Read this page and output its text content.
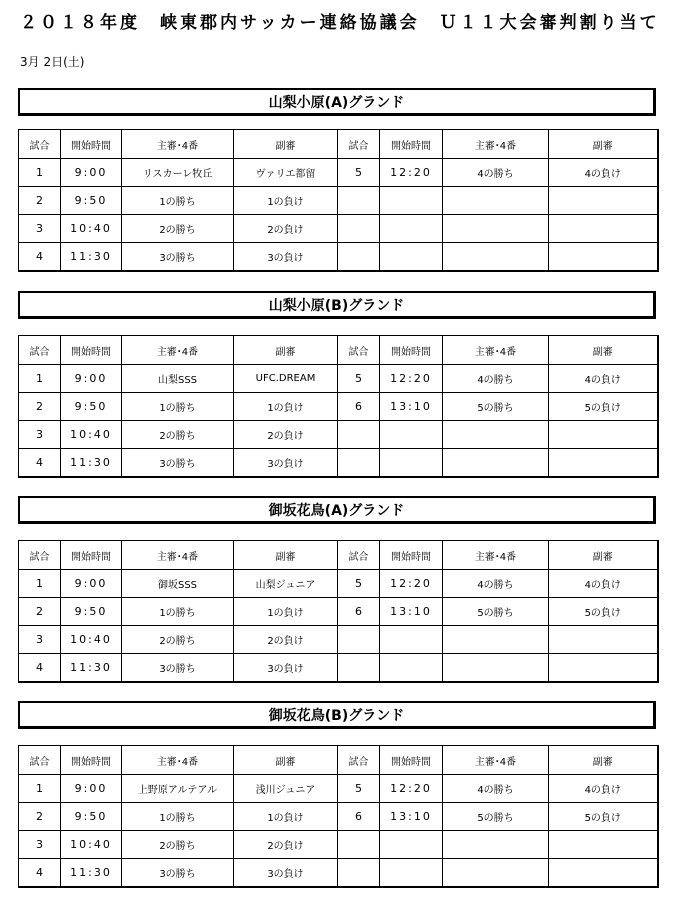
２０１８年度　峡東郡内サッカー連絡協議会　Ｕ１１大会審判割り当て
3月 2日(土)
山梨小原(A)グランド
試合	開始時間	主審･4番	副審	試合	開始時間	主審･4番	副審
1	9:00	リスカーレ牧丘	ヴァリエ都留	5	12:20	4の勝ち	4の負け
2	9:50	1の勝ち	1の負け				
3	10:40	2の勝ち	2の負け				
4	11:30	3の勝ち	3の負け				
山梨小原(B)グランド
試合	開始時間	主審･4番	副審	試合	開始時間	主審･4番	副審
1	9:00	山梨SSS	UFC.DREAM	5	12:20	4の勝ち	4の負け
2	9:50	1の勝ち	1の負け	6	13:10	5の勝ち	5の負け
3	10:40	2の勝ち	2の負け				
4	11:30	3の勝ち	3の負け				
御坂花鳥(A)グランド
試合	開始時間	主審･4番	副審	試合	開始時間	主審･4番	副審
1	9:00	御坂SSS	山梨ジュニア	5	12:20	4の勝ち	4の負け
2	9:50	1の勝ち	1の負け	6	13:10	5の勝ち	5の負け
3	10:40	2の勝ち	2の負け				
4	11:30	3の勝ち	3の負け				
御坂花鳥(B)グランド
試合	開始時間	主審･4番	副審	試合	開始時間	主審･4番	副審
1	9:00	上野原アルテアル	浅川ジュニア	5	12:20	4の勝ち	4の負け
2	9:50	1の勝ち	1の負け	6	13:10	5の勝ち	5の負け
3	10:40	2の勝ち	2の負け				
4	11:30	3の勝ち	3の負け				
